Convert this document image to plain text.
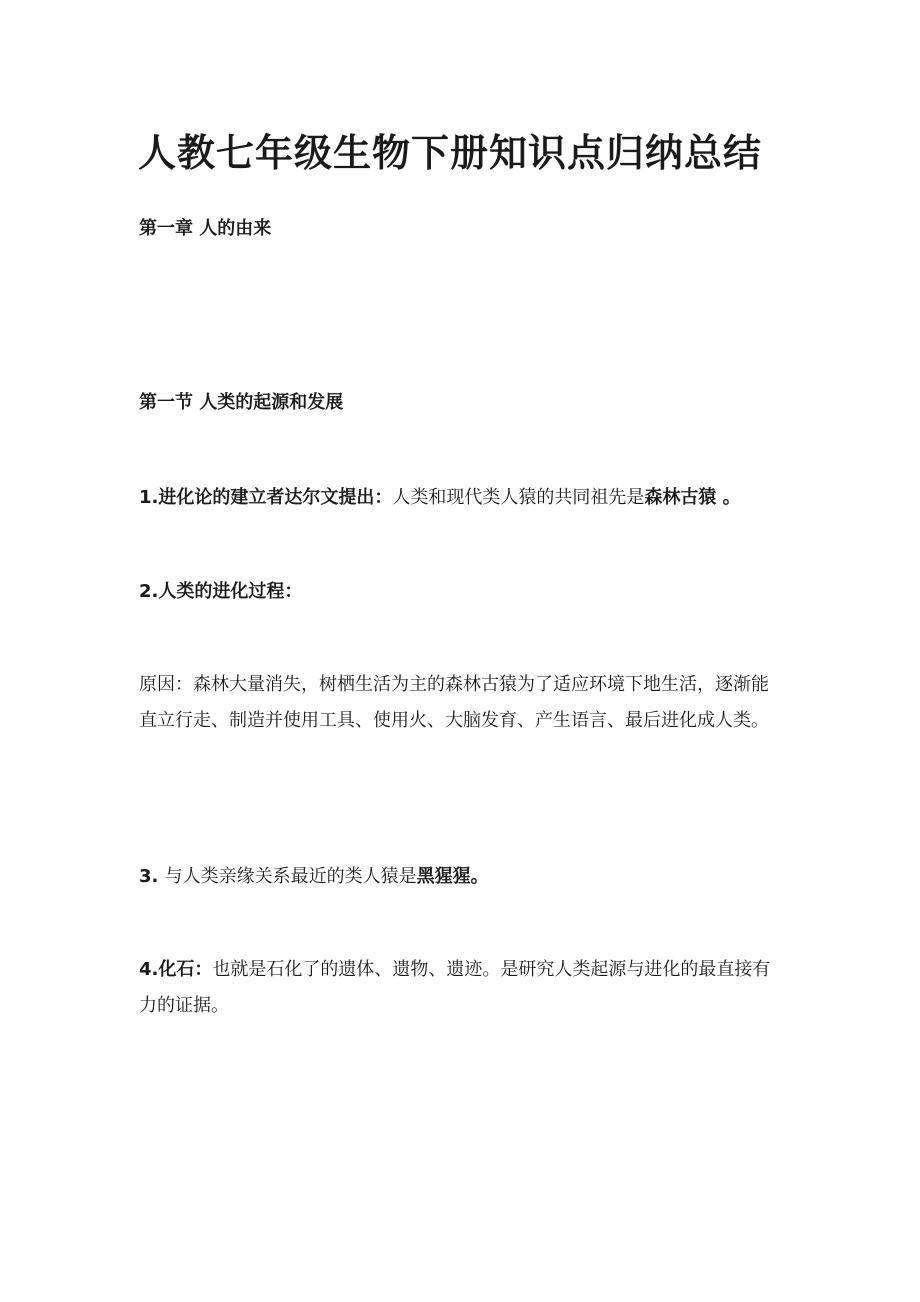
人教七年级生物下册知识点归纳总结
第一章 人的由来
第一节 人类的起源和发展

1.进化论的建立者达尔文提出：人类和现代类人猿的共同祖先是森林古猿 。

2.人类的进化过程：

原因：森林大量消失，树栖生活为主的森林古猿为了适应环境下地生活，逐渐能直立行走、制造并使用工具、使用火、大脑发育、产生语言、最后进化成人类。

3. 与人类亲缘关系最近的类人猿是黑猩猩。

4.化石：也就是石化了的遗体、遗物、遗迹。是研究人类起源与进化的最直接有力的证据。
